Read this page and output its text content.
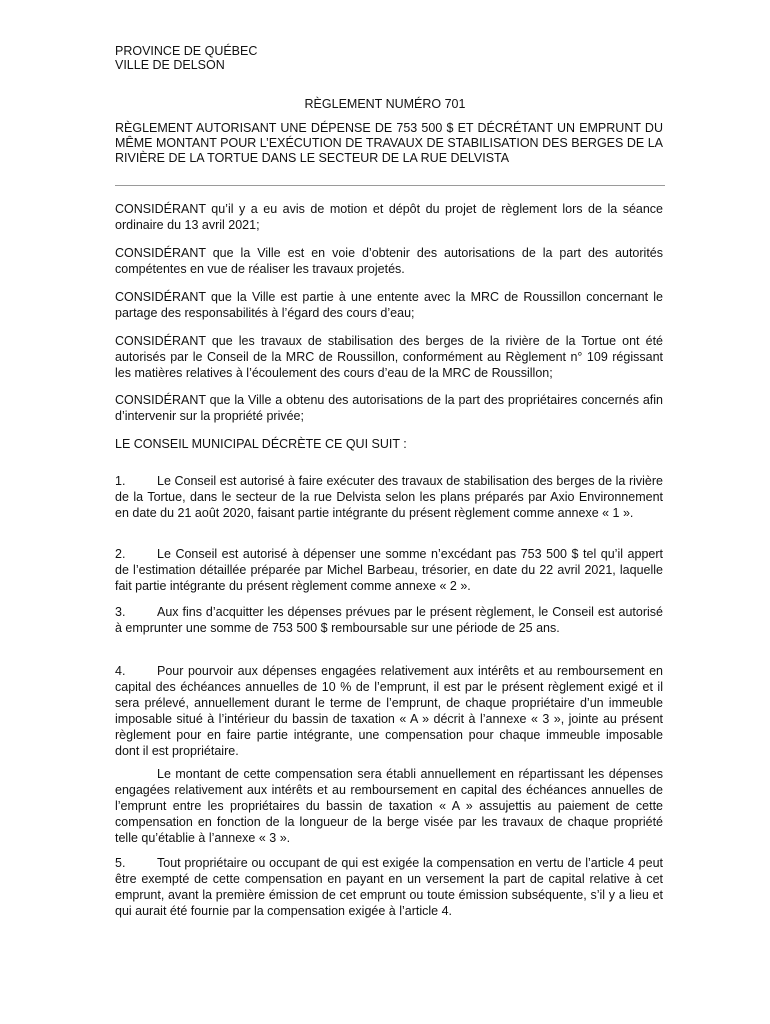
PROVINCE DE QUÉBEC
VILLE DE DELSON
RÈGLEMENT NUMÉRO 701
RÈGLEMENT AUTORISANT UNE DÉPENSE DE 753 500 $ ET DÉCRÉTANT UN EMPRUNT DU MÊME MONTANT POUR L’EXÉCUTION DE TRAVAUX DE STABILISATION DES BERGES DE LA RIVIÈRE DE LA TORTUE DANS LE SECTEUR DE LA RUE DELVISTA

CONSIDÉRANT qu’il y a eu avis de motion et dépôt du projet de règlement lors de la séance ordinaire du 13 avril 2021;

CONSIDÉRANT que la Ville est en voie d’obtenir des autorisations de la part des autorités compétentes en vue de réaliser les travaux projetés.

CONSIDÉRANT que la Ville est partie à une entente avec la MRC de Roussillon concernant le partage des responsabilités à l’égard des cours d’eau;

CONSIDÉRANT que les travaux de stabilisation des berges de la rivière de la Tortue ont été autorisés par le Conseil de la MRC de Roussillon, conformément au Règlement n° 109 régissant les matières relatives à l’écoulement des cours d’eau de la MRC de Roussillon;

CONSIDÉRANT que la Ville a obtenu des autorisations de la part des propriétaires concernés afin d’intervenir sur la propriété privée;

LE CONSEIL MUNICIPAL DÉCRÈTE CE QUI SUIT :

1.	Le Conseil est autorisé à faire exécuter des travaux de stabilisation des berges de la rivière de la Tortue, dans le secteur de la rue Delvista selon les plans préparés par Axio Environnement en date du 21 août 2020, faisant partie intégrante du présent règlement comme annexe « 1 ».

2.	Le Conseil est autorisé à dépenser une somme n’excédant pas 753 500 $ tel qu’il appert de l’estimation détaillée préparée par Michel Barbeau, trésorier, en date du 22 avril 2021, laquelle fait partie intégrante du présent règlement comme annexe « 2 ».

3.	Aux fins d’acquitter les dépenses prévues par le présent règlement, le Conseil est autorisé à emprunter une somme de 753 500 $ remboursable sur une période de 25 ans.

4.	Pour pourvoir aux dépenses engagées relativement aux intérêts et au remboursement en capital des échéances annuelles de 10 % de l’emprunt, il est par le présent règlement exigé et il sera prélevé, annuellement durant le terme de l’emprunt, de chaque propriétaire d’un immeuble imposable situé à l’intérieur du bassin de taxation « A » décrit à l’annexe « 3 », jointe au présent règlement pour en faire partie intégrante, une compensation pour chaque immeuble imposable dont il est propriétaire.

Le montant de cette compensation sera établi annuellement en répartissant les dépenses engagées relativement aux intérêts et au remboursement en capital des échéances annuelles de l’emprunt entre les propriétaires du bassin de taxation « A » assujettis au paiement de cette compensation en fonction de la longueur de la berge visée par les travaux de chaque propriété telle qu’établie à l’annexe « 3 ».

5.	Tout propriétaire ou occupant de qui est exigée la compensation en vertu de l’article 4 peut être exempté de cette compensation en payant en un versement la part de capital relative à cet emprunt, avant la première émission de cet emprunt ou toute émission subséquente, s’il y a lieu et qui aurait été fournie par la compensation exigée à l’article 4.
